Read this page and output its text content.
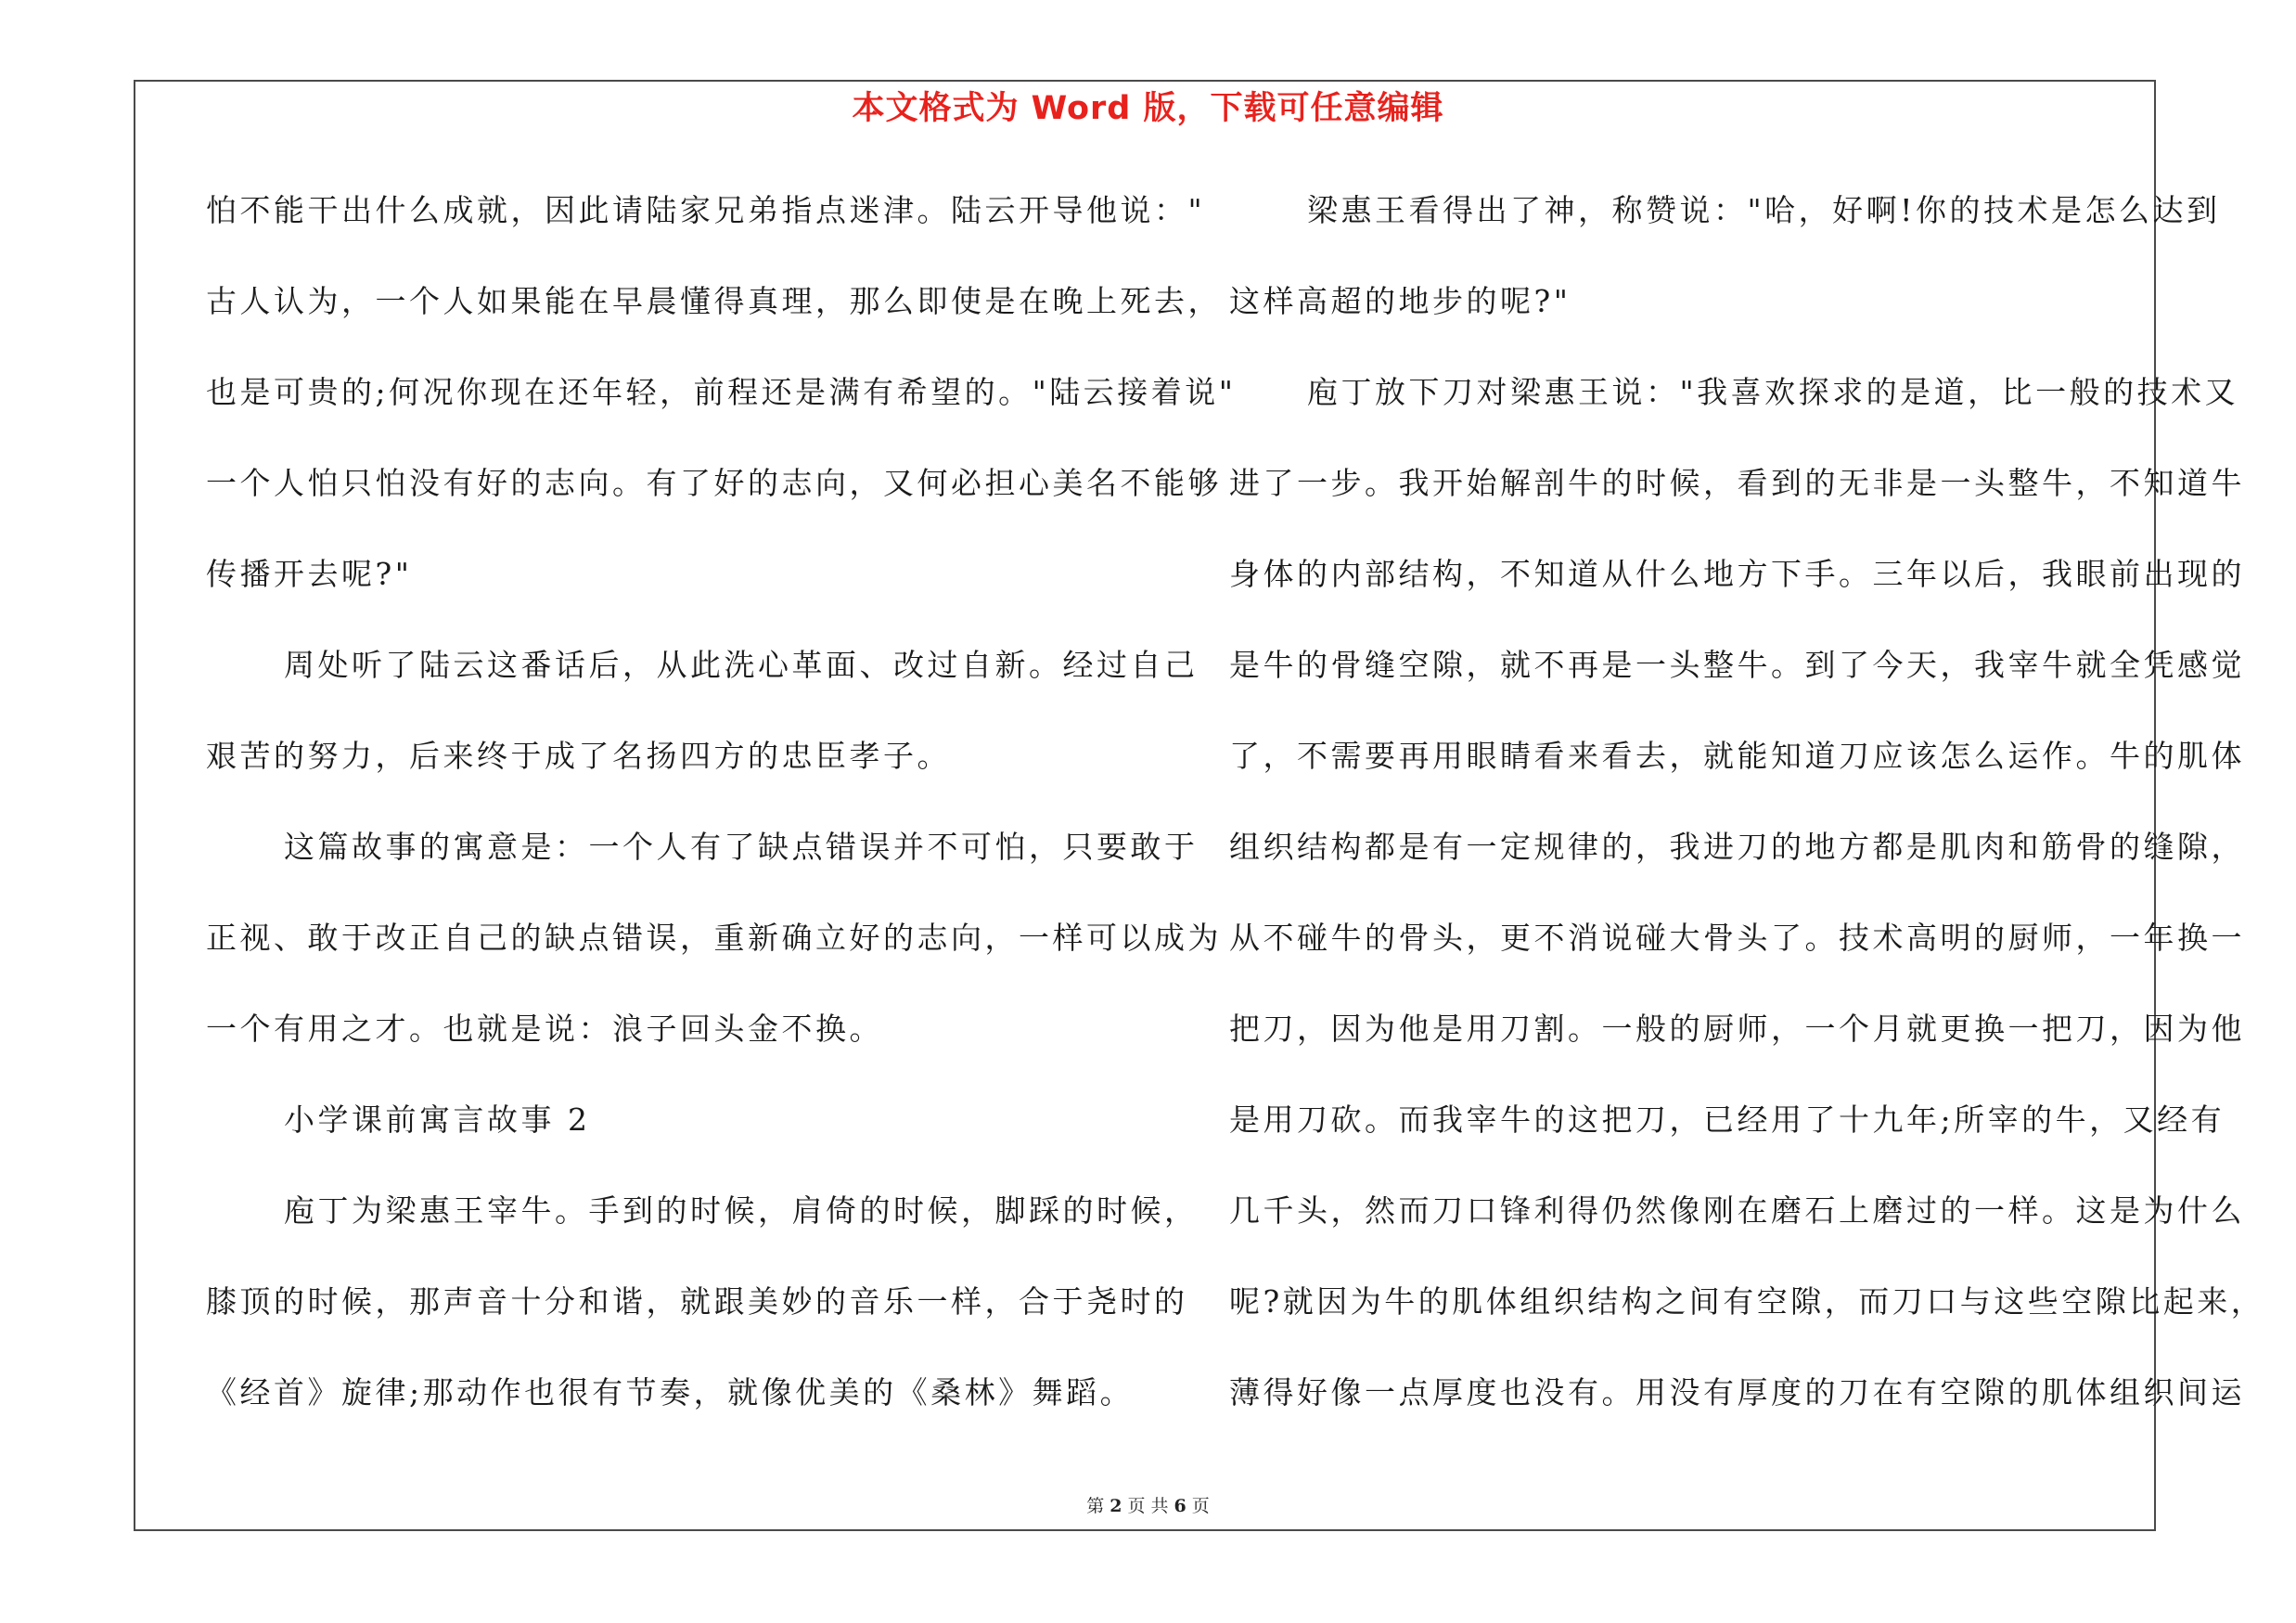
本文格式为 Word 版，下载可任意编辑
怕不能干出什么成就，因此请陆家兄弟指点迷津。陆云开导他说："
古人认为，一个人如果能在早晨懂得真理，那么即使是在晚上死去，
也是可贵的;何况你现在还年轻，前程还是满有希望的。"陆云接着说"
一个人怕只怕没有好的志向。有了好的志向，又何必担心美名不能够
传播开去呢?"
周处听了陆云这番话后，从此洗心革面、改过自新。经过自己
艰苦的努力，后来终于成了名扬四方的忠臣孝子。
这篇故事的寓意是：一个人有了缺点错误并不可怕，只要敢于
正视、敢于改正自己的缺点错误，重新确立好的志向，一样可以成为
一个有用之才。也就是说：浪子回头金不换。
小学课前寓言故事 2
庖丁为梁惠王宰牛。手到的时候，肩倚的时候，脚踩的时候，
膝顶的时候，那声音十分和谐，就跟美妙的音乐一样，合于尧时的
《经首》旋律;那动作也很有节奏，就像优美的《桑林》舞蹈。
梁惠王看得出了神，称赞说："哈，好啊!你的技术是怎么达到
这样高超的地步的呢?"
庖丁放下刀对梁惠王说："我喜欢探求的是道，比一般的技术又
进了一步。我开始解剖牛的时候，看到的无非是一头整牛，不知道牛
身体的内部结构，不知道从什么地方下手。三年以后，我眼前出现的
是牛的骨缝空隙，就不再是一头整牛。到了今天，我宰牛就全凭感觉
了，不需要再用眼睛看来看去，就能知道刀应该怎么运作。牛的肌体
组织结构都是有一定规律的，我进刀的地方都是肌肉和筋骨的缝隙，
从不碰牛的骨头，更不消说碰大骨头了。技术高明的厨师，一年换一
把刀，因为他是用刀割。一般的厨师，一个月就更换一把刀，因为他
是用刀砍。而我宰牛的这把刀，已经用了十九年;所宰的牛，又经有
几千头，然而刀口锋利得仍然像刚在磨石上磨过的一样。这是为什么
呢?就因为牛的肌体组织结构之间有空隙，而刀口与这些空隙比起来，
薄得好像一点厚度也没有。用没有厚度的刀在有空隙的肌体组织间运
第 2 页 共 6 页
